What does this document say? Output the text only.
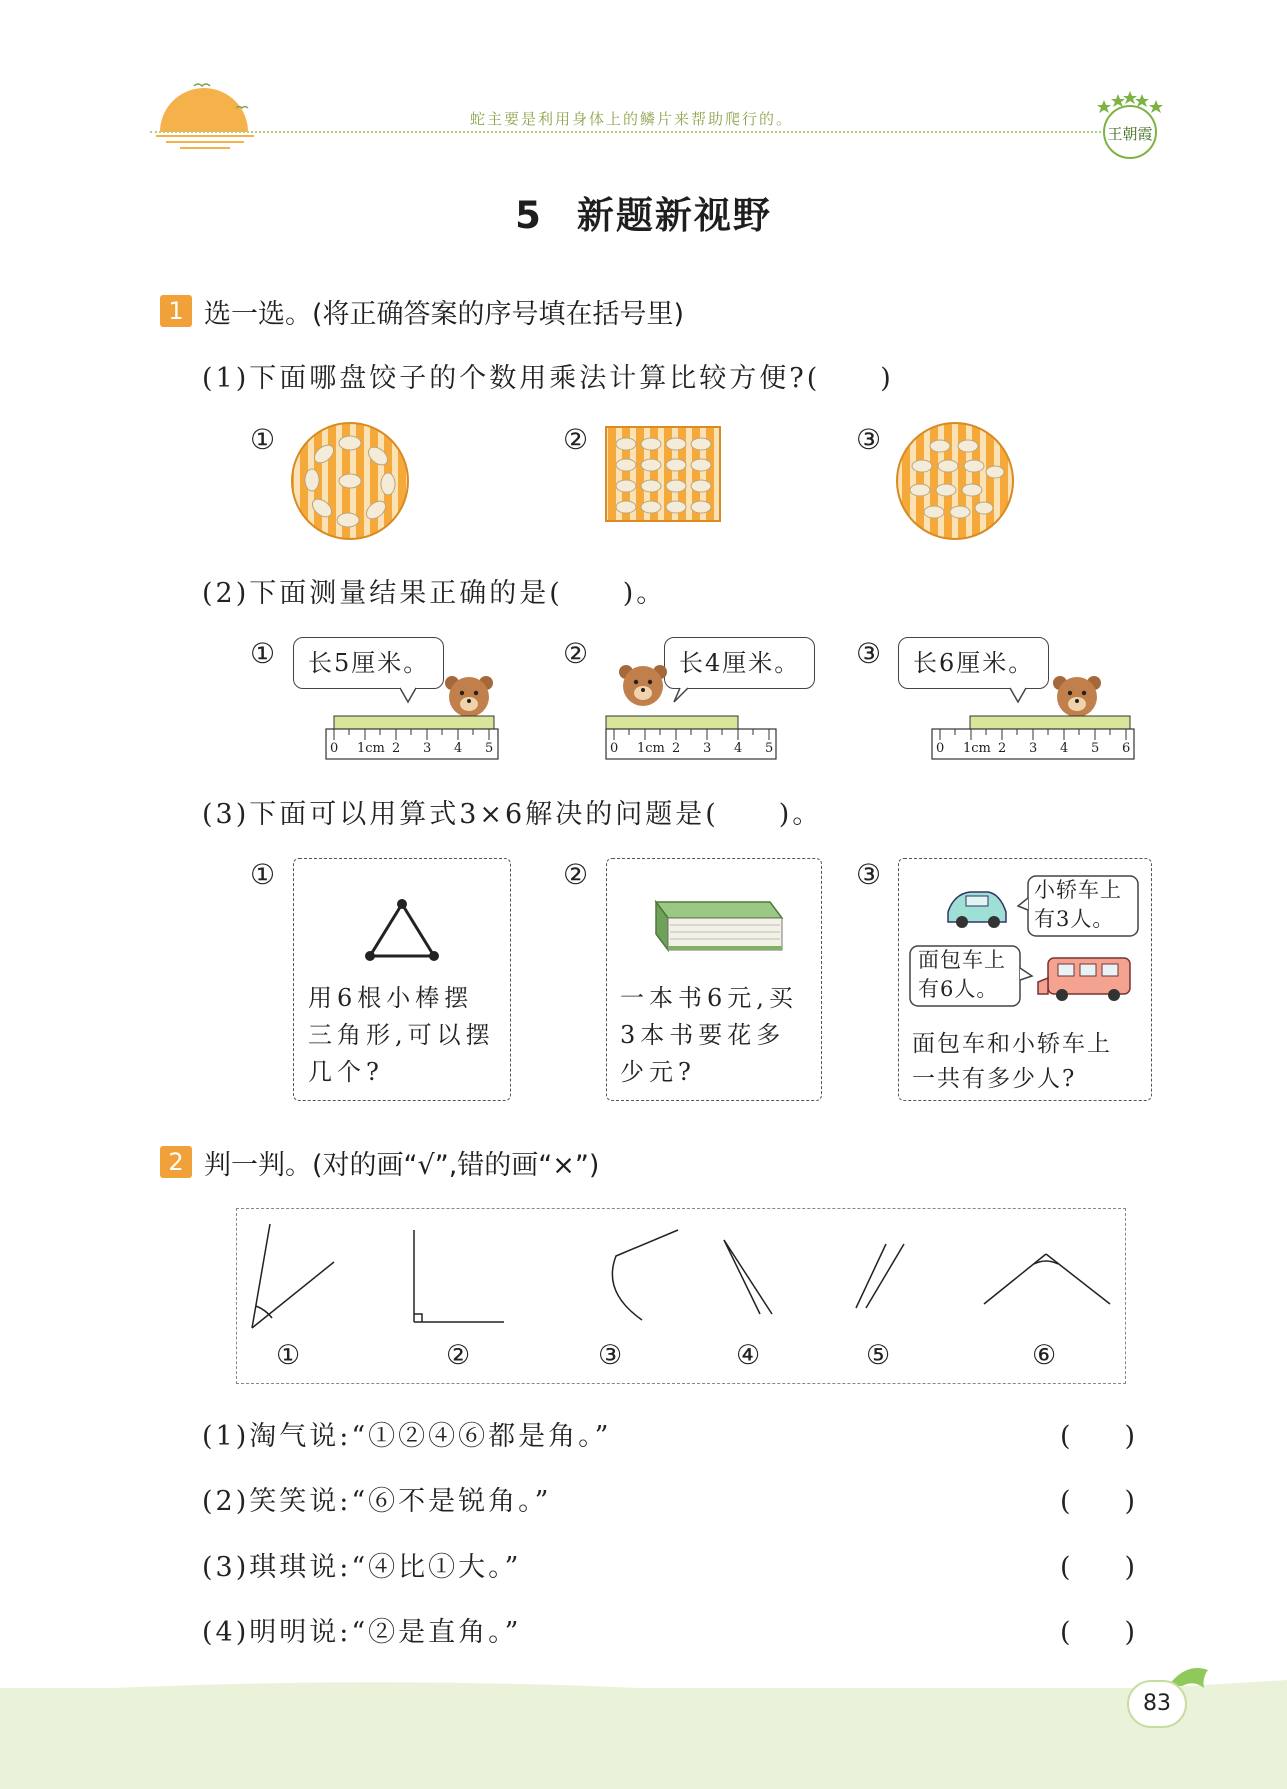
蛇主要是利用身体上的鳞片来帮助爬行的。
王朝霞
5 新题新视野
1 选一选。(将正确答案的序号填在括号里)
(1)下面哪盘饺子的个数用乘法计算比较方便?(　　)
①	②	③
(2)下面测量结果正确的是(　　)。
①	②	③
长5厘米。	长4厘米。	长6厘米。
0 1cm 2 3 4 5	0 1cm 2 3 4 5	0 1cm 2 3 4 5 6
(3)下面可以用算式3×6解决的问题是(　　)。
①	②	③
用6根小棒摆
三角形,可以摆
几个?
一本书6元,买
3本书要花多
少元?
小轿车上
有3人。
面包车上
有6人。
面包车和小轿车上
一共有多少人?
2 判一判。(对的画“√”,错的画“×”)
①	②	③	④	⑤	⑥
(1)淘气说:“①②④⑥都是角。”	(　　)
(2)笑笑说:“⑥不是锐角。”	(　　)
(3)琪琪说:“④比①大。”	(　　)
(4)明明说:“②是直角。”	(　　)
83
